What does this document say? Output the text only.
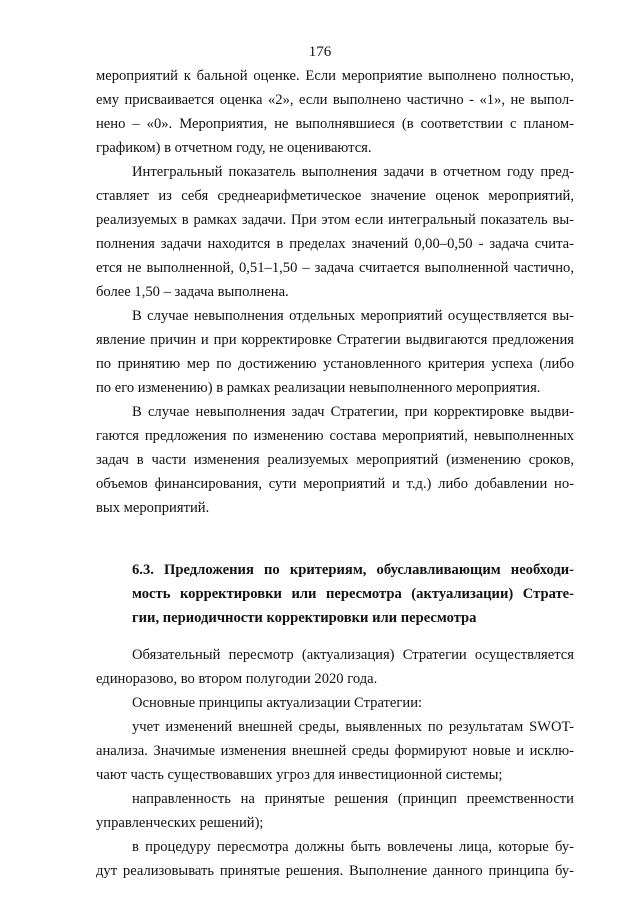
176
мероприятий к бальной оценке. Если мероприятие выполнено полностью,
ему присваивается оценка «2», если выполнено частично - «1», не выпол-
нено – «0». Мероприятия, не выполнявшиеся (в соответствии с планом-
графиком) в отчетном году, не оцениваются.
Интегральный показатель выполнения задачи в отчетном году пред-
ставляет из себя среднеарифметическое значение оценок мероприятий,
реализуемых в рамках задачи. При этом если интегральный показатель вы-
полнения задачи находится в пределах значений 0,00–0,50 - задача счита-
ется не выполненной, 0,51–1,50 – задача считается выполненной частично,
более 1,50 – задача выполнена.
В случае невыполнения отдельных мероприятий осуществляется вы-
явление причин и при корректировке Стратегии выдвигаются предложения
по принятию мер по достижению установленного критерия успеха (либо
по его изменению) в рамках реализации невыполненного мероприятия.
В случае невыполнения задач Стратегии, при корректировке выдви-
гаются предложения по изменению состава мероприятий, невыполненных
задач в части изменения реализуемых мероприятий (изменению сроков,
объемов финансирования, сути мероприятий и т.д.) либо добавлении но-
вых мероприятий.
6.3. Предложения по критериям, обуславливающим необходи-
мость корректировки или пересмотра (актуализации) Страте-
гии, периодичности корректировки или пересмотра
Обязательный пересмотр (актуализация) Стратегии осуществляется
единоразово, во втором полугодии 2020 года.
Основные принципы актуализации Стратегии:
учет изменений внешней среды, выявленных по результатам SWOT-
анализа. Значимые изменения внешней среды формируют новые и исклю-
чают часть существовавших угроз для инвестиционной системы;
направленность на принятые решения (принцип преемственности
управленческих решений);
в процедуру пересмотра должны быть вовлечены лица, которые бу-
дут реализовывать принятые решения. Выполнение данного принципа бу-
